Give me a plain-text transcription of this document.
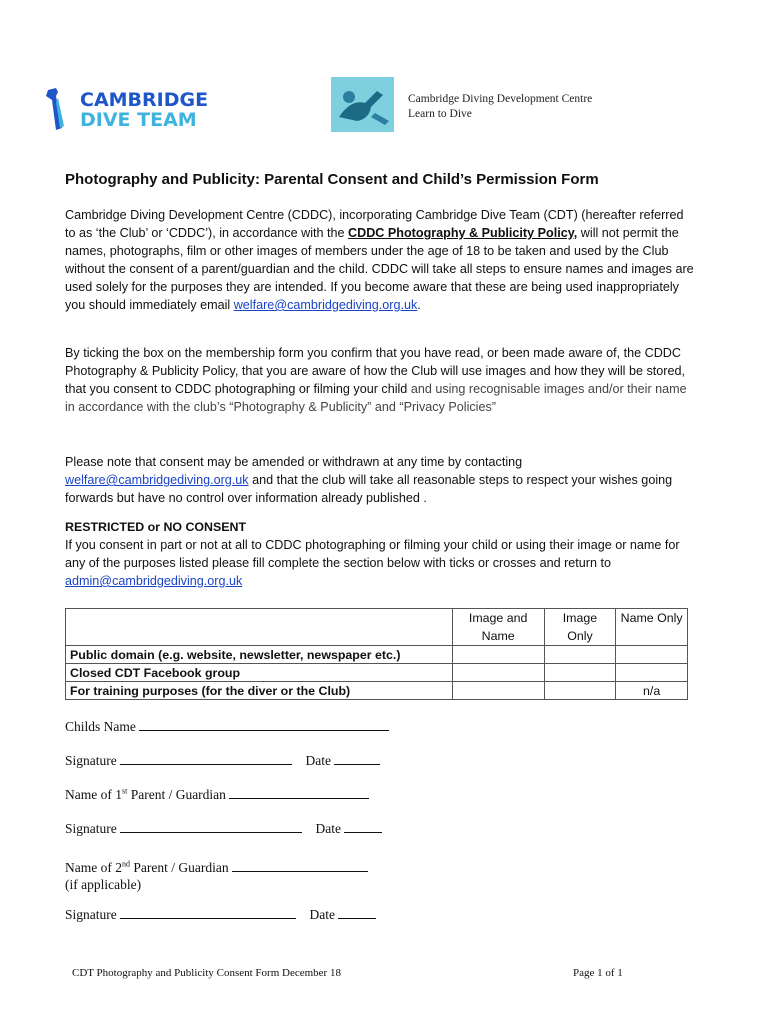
CAMBRIDGE
DIVE TEAM
Cambridge Diving Development Centre
Learn to Dive
Photography and Publicity: Parental Consent and Child’s Permission Form
Cambridge Diving Development Centre (CDDC), incorporating Cambridge Dive Team (CDT) (hereafter referred to as ‘the Club’ or ‘CDDC’), in accordance with the CDDC Photography & Publicity Policy, will not permit the names, photographs, film or other images of members under the age of 18 to be taken and used by the Club without the consent of a parent/guardian and the child. CDDC will take all steps to ensure names and images are used solely for the purposes they are intended. If you become aware that these are being used inappropriately you should immediately email welfare@cambridgediving.org.uk.
By ticking the box on the membership form you confirm that you have read, or been made aware of, the CDDC Photography & Publicity Policy, that you are aware of how the Club will use images and how they will be stored, that you consent to CDDC photographing or filming your child and using recognisable images and/or their name in accordance with the club’s “Photography & Publicity” and “Privacy Policies”
Please note that consent may be amended or withdrawn at any time by contacting welfare@cambridgediving.org.uk and that the club will take all reasonable steps to respect your wishes going forwards but have no control over information already published .
RESTRICTED or NO CONSENT
If you consent in part or not at all to CDDC photographing or filming your child or using their image or name for any of the purposes listed please fill complete the section below with ticks or crosses and return to admin@cambridgediving.org.uk
	Image and Name	Image Only	Name Only
Public domain (e.g. website, newsletter, newspaper etc.)			
Closed CDT Facebook group			
For training purposes (for the diver or the Club)			n/a
Childs Name
Signature	Date
Name of 1st Parent / Guardian
Signature	Date
Name of 2nd Parent / Guardian
(if applicable)
Signature	Date
CDT Photography and Publicity Consent Form December 18	Page 1 of 1
